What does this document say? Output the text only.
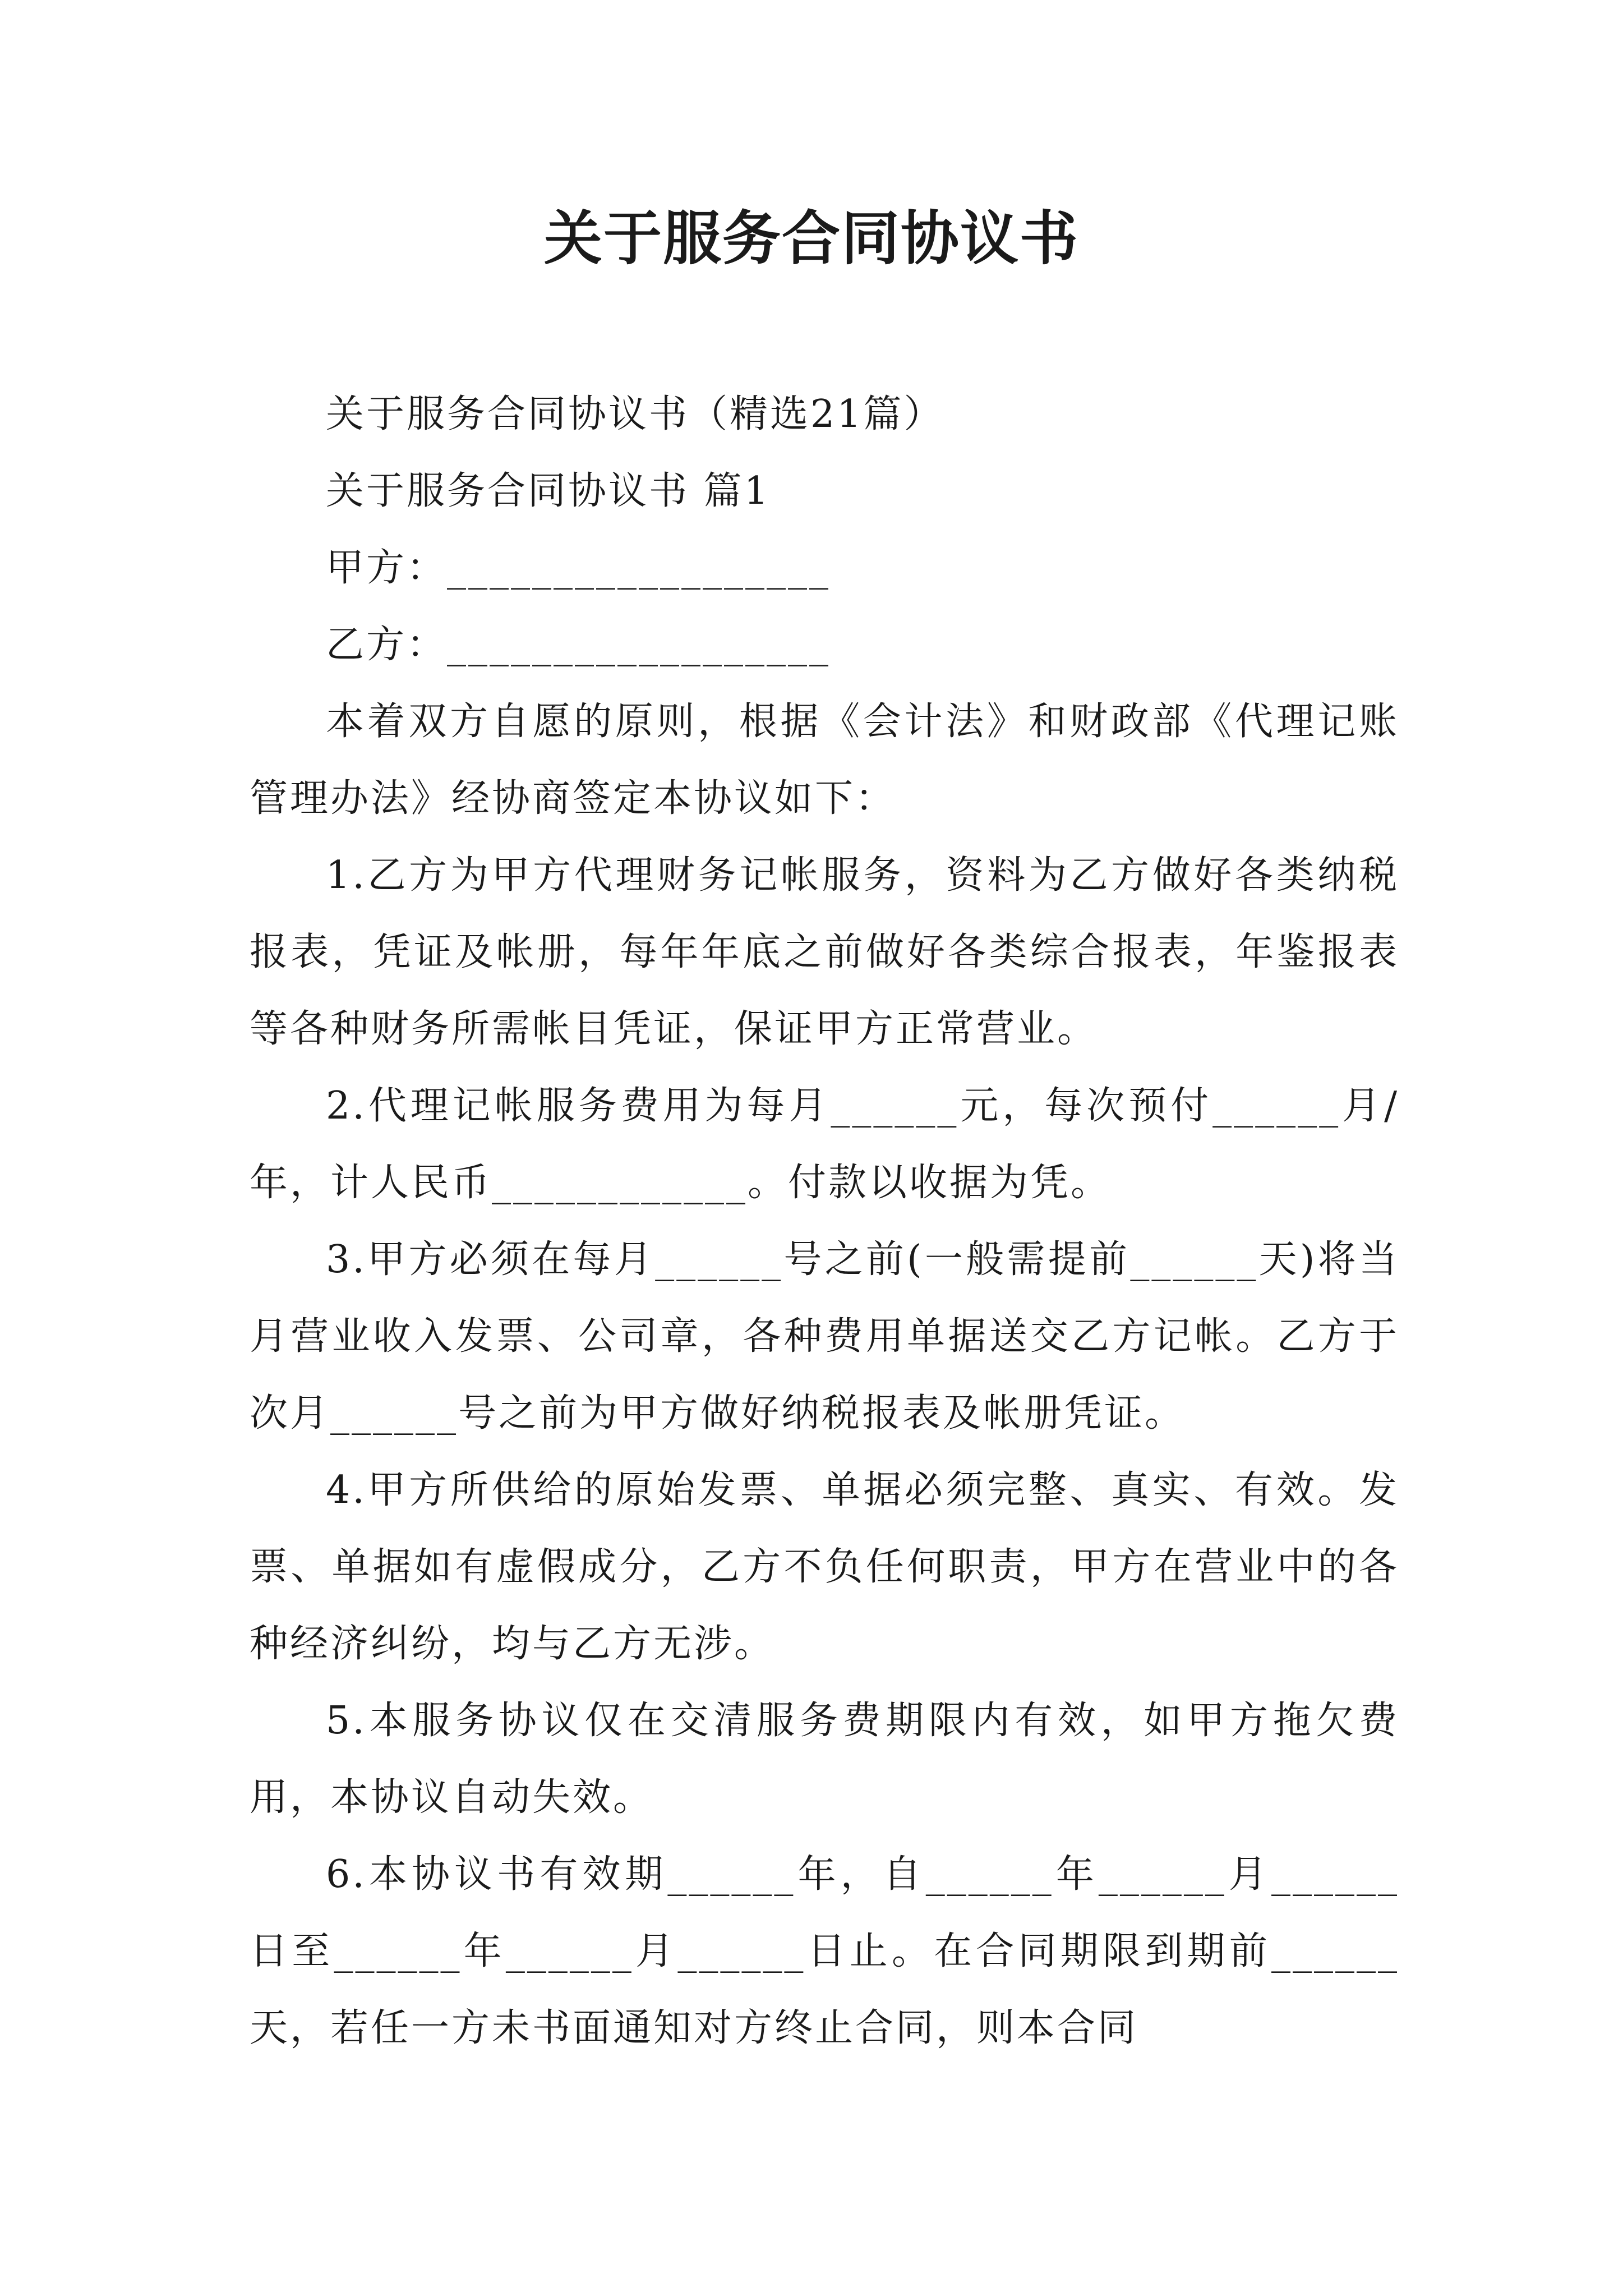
关于服务合同协议书

关于服务合同协议书（精选21篇）

关于服务合同协议书 篇1

甲方：__________________

乙方：__________________

本着双方自愿的原则，根据《会计法》和财政部《代理记账管理办法》经协商签定本协议如下：

1.乙方为甲方代理财务记帐服务，资料为乙方做好各类纳税报表，凭证及帐册，每年年底之前做好各类综合报表，年鉴报表等各种财务所需帐目凭证，保证甲方正常营业。

2.代理记帐服务费用为每月______元，每次预付______月/年，计人民币____________。付款以收据为凭。

3.甲方必须在每月______号之前(一般需提前______天)将当月营业收入发票、公司章，各种费用单据送交乙方记帐。乙方于次月______号之前为甲方做好纳税报表及帐册凭证。

4.甲方所供给的原始发票、单据必须完整、真实、有效。发票、单据如有虚假成分，乙方不负任何职责，甲方在营业中的各种经济纠纷，均与乙方无涉。

5.本服务协议仅在交清服务费期限内有效，如甲方拖欠费用，本协议自动失效。

6.本协议书有效期______年，自______年______月______日至______年______月______日止。在合同期限到期前______天，若任一方未书面通知对方终止合同，则本合同
